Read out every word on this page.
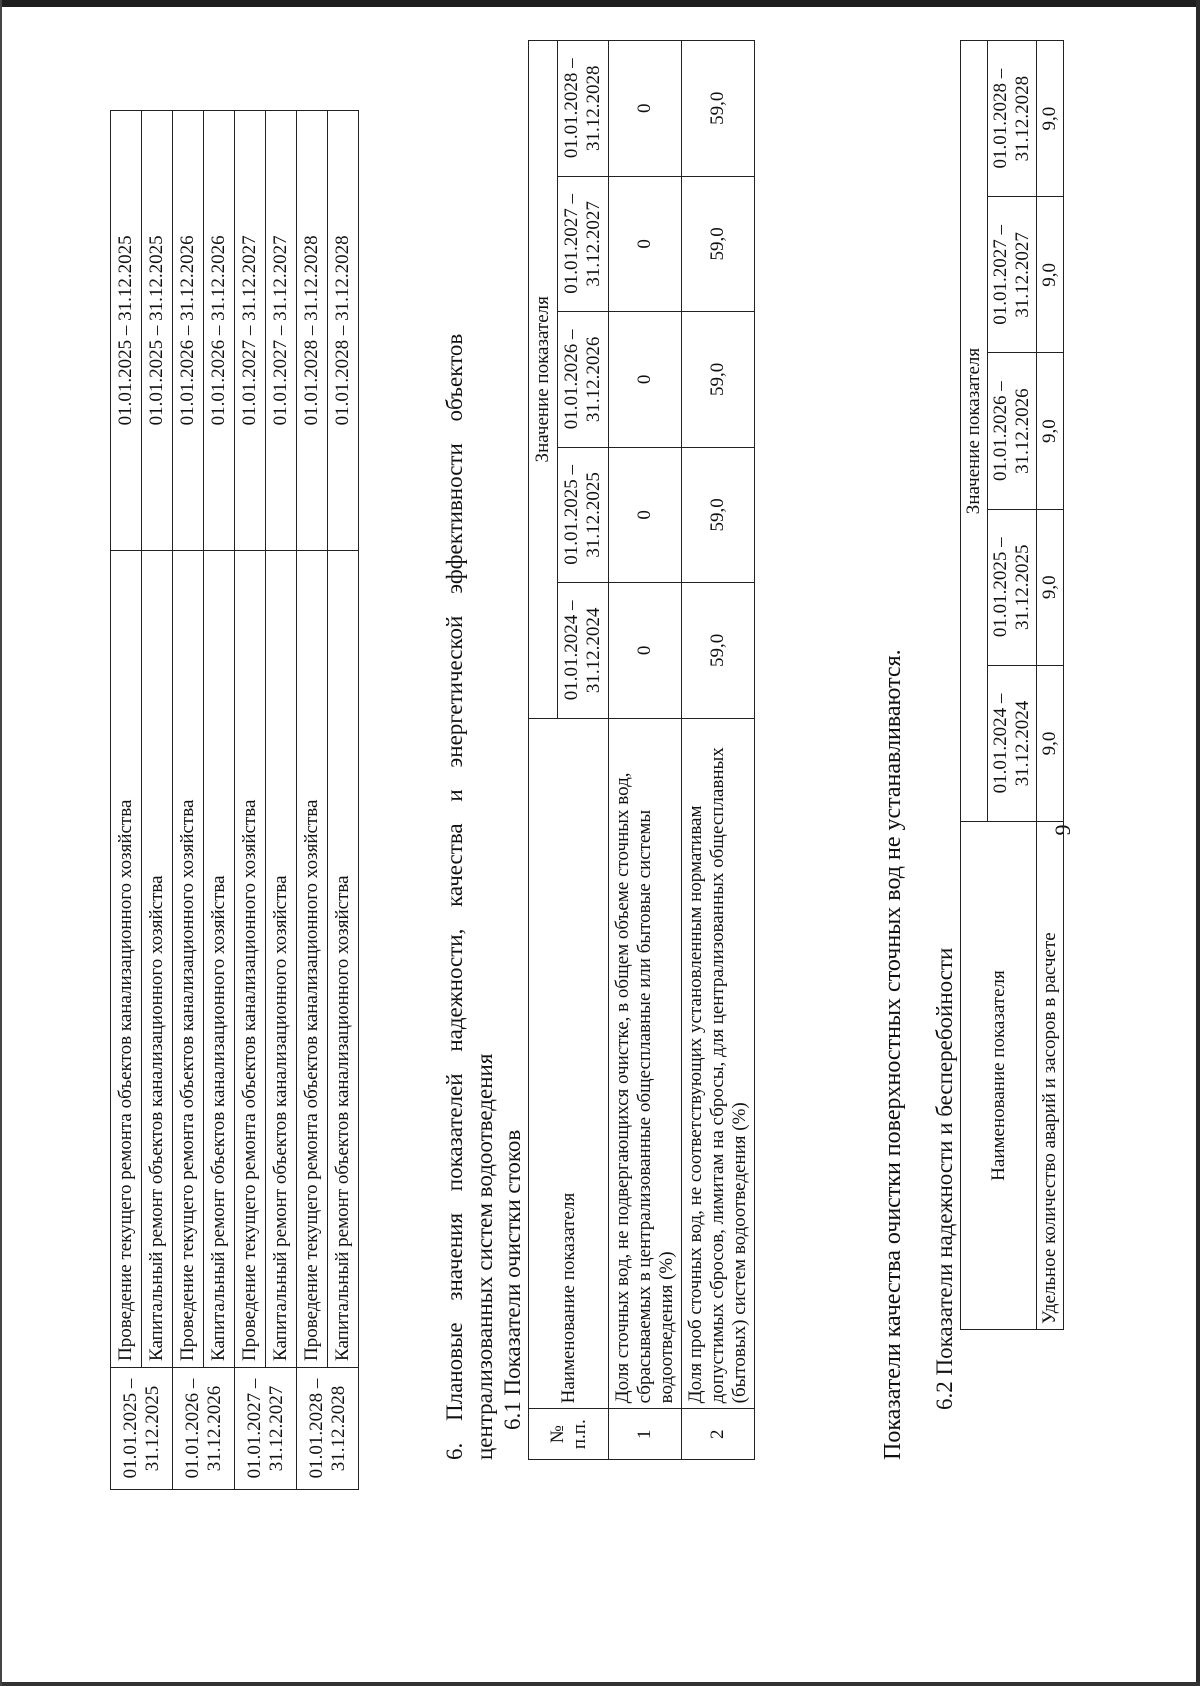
9
01.01.2025 – 31.12.2025	Проведение текущего ремонта объектов канализационного хозяйства	01.01.2025 – 31.12.2025
	Капитальный ремонт объектов канализационного хозяйства	01.01.2025 – 31.12.2025
01.01.2026 – 31.12.2026	Проведение текущего ремонта объектов канализационного хозяйства	01.01.2026 – 31.12.2026
	Капитальный ремонт объектов канализационного хозяйства	01.01.2026 – 31.12.2026
01.01.2027 – 31.12.2027	Проведение текущего ремонта объектов канализационного хозяйства	01.01.2027 – 31.12.2027
	Капитальный ремонт объектов канализационного хозяйства	01.01.2027 – 31.12.2027
01.01.2028 – 31.12.2028	Проведение текущего ремонта объектов канализационного хозяйства	01.01.2028 – 31.12.2028
	Капитальный ремонт объектов канализационного хозяйства	01.01.2028 – 31.12.2028
6. Плановые значения показателей надежности, качества и энергетической эффективности объектов централизованных систем водоотведения 6.1 Показатели очистки стоков
№ п.п.	Наименование показателя	Значение показателя				
		01.01.2024 – 31.12.2024	01.01.2025 – 31.12.2025	01.01.2026 – 31.12.2026	01.01.2027 – 31.12.2027	01.01.2028 – 31.12.2028
1	Доля сточных вод, не подвергающихся очистке, в общем объеме сточных вод, сбрасываемых в централизованные общесплавные или бытовые системы водоотведения (%)	0	0	0	0	0
2	Доля проб сточных вод, не соответствующих установленным нормативам допустимых сбросов, лимитам на сбросы, для централизованных общесплавных (бытовых) систем водоотведения (%)	59,0	59,0	59,0	59,0	59,0
Показатели качества очистки поверхностных сточных вод не устанавливаются. 6.2 Показатели надежности и бесперебойности Наименование показателя	Значение показателя				
	01.01.2024 – 31.12.2024	01.01.2025 – 31.12.2025	01.01.2026 – 31.12.2026	01.01.2027 – 31.12.2027	01.01.2028 – 31.12.2028
Удельное количество аварий и засоров в расчете	9,0	9,0	9,0	9,0	9,0
